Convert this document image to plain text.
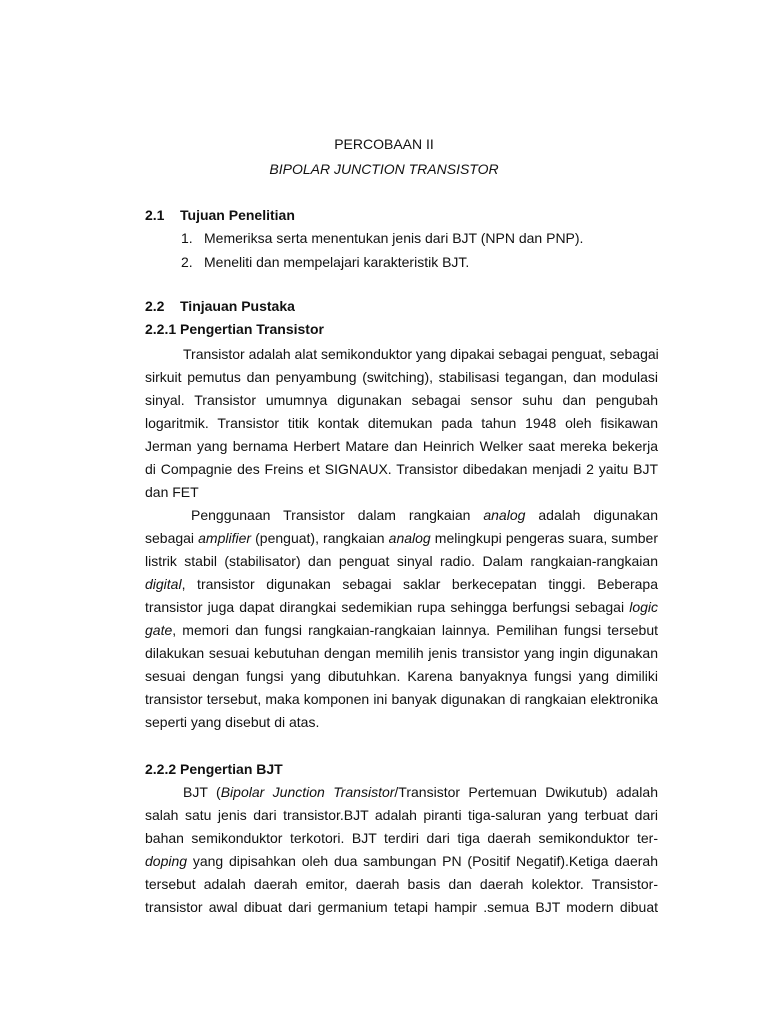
PERCOBAAN II

BIPOLAR JUNCTION TRANSISTOR

2.1 Tujuan Penelitian

1. Memeriksa serta menentukan jenis dari BJT (NPN dan PNP).

2. Meneliti dan mempelajari karakteristik BJT.

2.2 Tinjauan Pustaka

2.2.1 Pengertian Transistor

Transistor adalah alat semikonduktor yang dipakai sebagai penguat, sebagai

sirkuit pemutus dan penyambung (switching), stabilisasi tegangan, dan modulasi

sinyal. Transistor umumnya digunakan sebagai sensor suhu dan pengubah

logaritmik. Transistor titik kontak ditemukan pada tahun 1948 oleh fisikawan

Jerman yang bernama Herbert Matare dan Heinrich Welker saat mereka bekerja

di Compagnie des Freins et SIGNAUX. Transistor dibedakan menjadi 2 yaitu BJT

dan FET

Penggunaan Transistor dalam rangkaian analog adalah digunakan

sebagai amplifier (penguat), rangkaian analog melingkupi pengeras suara, sumber

listrik stabil (stabilisator) dan penguat sinyal radio. Dalam rangkaian-rangkaian

digital, transistor digunakan sebagai saklar berkecepatan tinggi. Beberapa

transistor juga dapat dirangkai sedemikian rupa sehingga berfungsi sebagai logic

gate, memori dan fungsi rangkaian-rangkaian lainnya. Pemilihan fungsi tersebut

dilakukan sesuai kebutuhan dengan memilih jenis transistor yang ingin digunakan

sesuai dengan fungsi yang dibutuhkan. Karena banyaknya fungsi yang dimiliki

transistor tersebut, maka komponen ini banyak digunakan di rangkaian elektronika

seperti yang disebut di atas.

2.2.2 Pengertian BJT

BJT (Bipolar Junction Transistor/Transistor Pertemuan Dwikutub) adalah

salah satu jenis dari transistor.BJT adalah piranti tiga-saluran yang terbuat dari

bahan semikonduktor terkotori. BJT terdiri dari tiga daerah semikonduktor ter-

doping yang dipisahkan oleh dua sambungan PN (Positif Negatif).Ketiga daerah

tersebut adalah daerah emitor, daerah basis dan daerah kolektor. Transistor-

transistor awal dibuat dari germanium tetapi hampir .semua BJT modern dibuat
